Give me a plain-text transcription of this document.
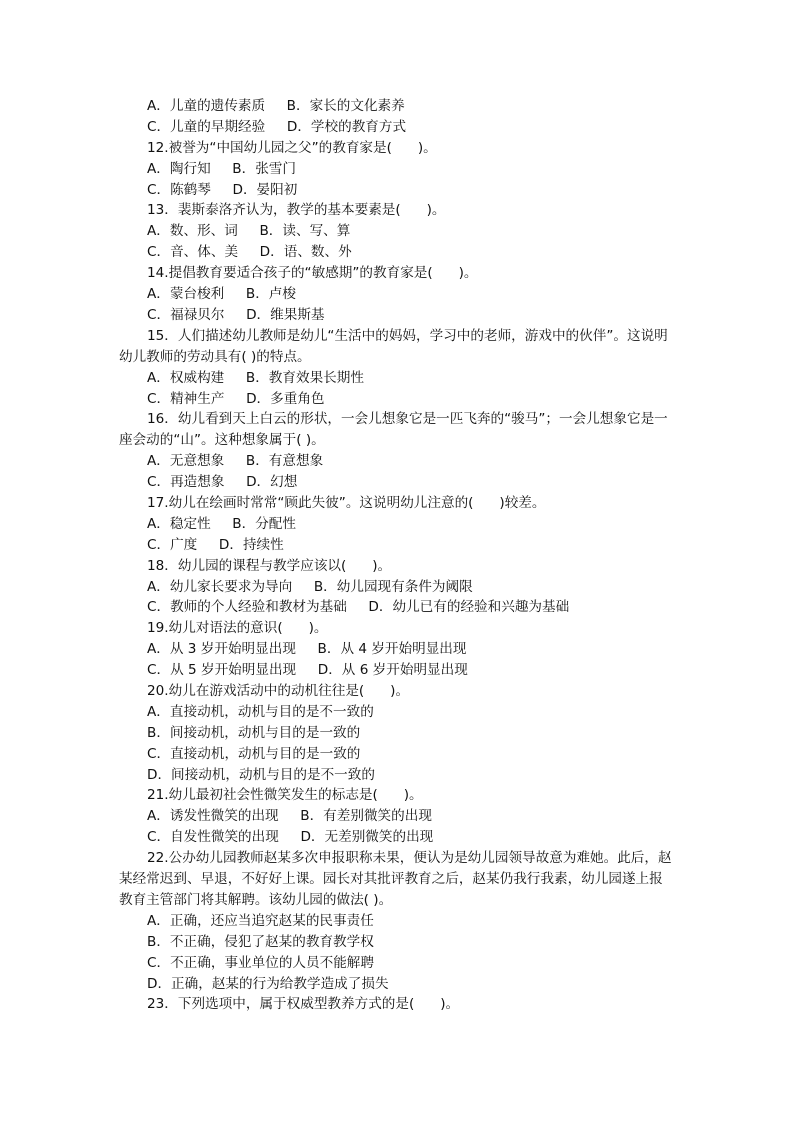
A．儿童的遗传素质     B．家长的文化素养
C．儿童的早期经验     D．学校的教育方式
12.被誉为“中国幼儿园之父”的教育家是(      )。
A．陶行知     B．张雪门
C．陈鹤琴     D．晏阳初
13．裴斯泰洛齐认为，教学的基本要素是(      )。
A．数、形、词     B．读、写、算
C．音、体、美     D．语、数、外
14.提倡教育要适合孩子的“敏感期”的教育家是(      )。
A．蒙台梭利     B．卢梭
C．福禄贝尔     D．维果斯基
15．人们描述幼儿教师是幼儿“生活中的妈妈，学习中的老师，游戏中的伙伴”。这说明幼儿教师的劳动具有( )的特点。
A．权威构建     B．教育效果长期性
C．精神生产     D．多重角色
16．幼儿看到天上白云的形状，一会儿想象它是一匹飞奔的“骏马”；一会儿想象它是一座会动的“山”。这种想象属于( )。
A．无意想象     B．有意想象
C．再造想象     D．幻想
17.幼儿在绘画时常常“顾此失彼”。这说明幼儿注意的(      )较差。
A．稳定性     B．分配性
C．广度     D．持续性
18．幼儿园的课程与教学应该以(      )。
A．幼儿家长要求为导向     B．幼儿园现有条件为阈限
C．教师的个人经验和教材为基础     D．幼儿已有的经验和兴趣为基础
19.幼儿对语法的意识(      )。
A．从 3 岁开始明显出现     B．从 4 岁开始明显出现
C．从 5 岁开始明显出现     D．从 6 岁开始明显出现
20.幼儿在游戏活动中的动机往往是(      )。
A．直接动机，动机与目的是不一致的
B．间接动机，动机与目的是一致的
C．直接动机，动机与目的是一致的
D．间接动机，动机与目的是不一致的
21.幼儿最初社会性微笑发生的标志是(      )。
A．诱发性微笑的出现     B．有差别微笑的出现
C．自发性微笑的出现     D．无差别微笑的出现
22.公办幼儿园教师赵某多次申报职称未果，便认为是幼儿园领导故意为难她。此后，赵某经常迟到、早退，不好好上课。园长对其批评教育之后，赵某仍我行我素，幼儿园遂上报教育主管部门将其解聘。该幼儿园的做法( )。
A．正确，还应当追究赵某的民事责任
B．不正确，侵犯了赵某的教育教学权
C．不正确，事业单位的人员不能解聘
D．正确，赵某的行为给教学造成了损失
23．下列选项中，属于权威型教养方式的是(      )。
